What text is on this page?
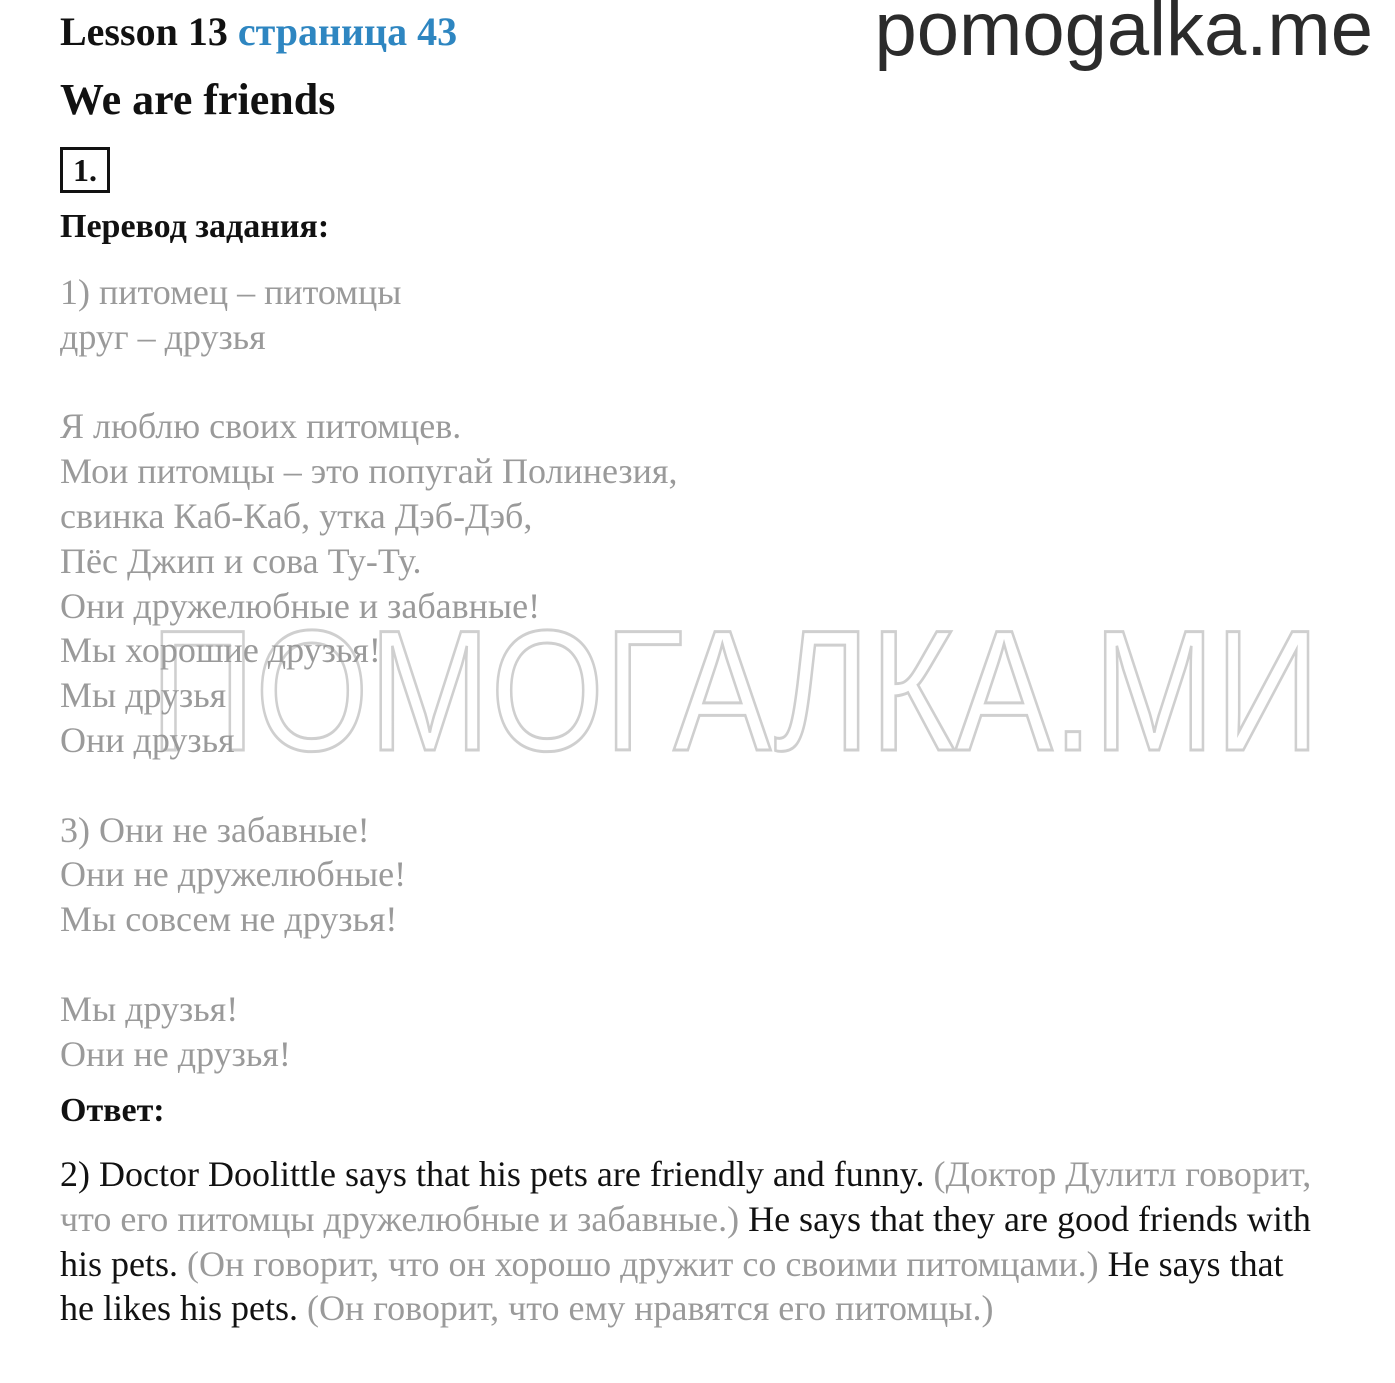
pomogalka.me
ПОМОГАЛКА.МИ
Lesson 13 страница 43
We are friends
1.
Перевод задания:
1) питомец – питомцы
друг – друзья
Я люблю своих питомцев.
Мои питомцы – это попугай Полинезия,
свинка Каб-Каб, утка Дэб-Дэб,
Пёс Джип и сова Ту-Ту.
Они дружелюбные и забавные!
Мы хорошие друзья!
Мы друзья
Они друзья
3) Они не забавные!
Они не дружелюбные!
Мы совсем не друзья!
Мы друзья!
Они не друзья!
Ответ:
2) Doctor Doolittle says that his pets are friendly and funny. (Доктор Дулитл говорит, что его питомцы дружелюбные и забавные.) He says that they are good friends with his pets. (Он говорит, что он хорошо дружит со своими питомцами.) He says that he likes his pets. (Он говорит, что ему нравятся его питомцы.)
